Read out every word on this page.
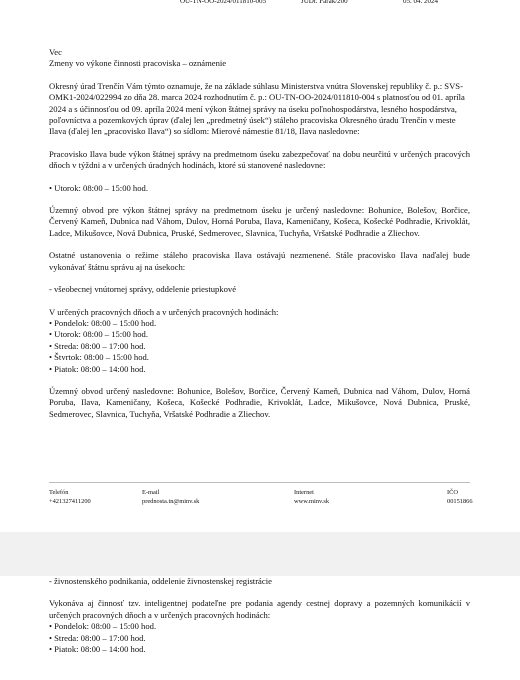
OU-TN-OO-2024/011810-005	JUDr. Parák/200	05. 04. 2024

Vec

Zmeny vo výkone činnosti pracoviska – oznámenie

Okresný úrad Trenčín Vám týmto oznamuje, že na základe súhlasu Ministerstva vnútra Slovenskej republiky č. p.: SVS-OMK1-2024/022994 zo dňa 28. marca 2024 rozhodnutím č. p.: OU-TN-OO-2024/011810-004 s platnosťou od 01. apríla 2024 a s účinnosťou od 09. apríla 2024 mení výkon štátnej správy na úseku poľnohospodárstva, lesného hospodárstva, poľovníctva a pozemkových úprav (ďalej len „predmetný úsek“) stáleho pracoviska Okresného úradu Trenčín v meste Ilava (ďalej len „pracovisko Ilava“) so sídlom: Mierové námestie 81/18, Ilava nasledovne:

Pracovisko Ilava bude výkon štátnej správy na predmetnom úseku zabezpečovať na dobu neurčitú v určených pracových dňoch v týždni a v určených úradných hodinách, ktoré sú stanovené nasledovne:

• Utorok: 08:00 – 15:00 hod.

Územný obvod pre výkon štátnej správy na predmetnom úseku je určený nasledovne: Bohunice, Bolešov, Borčice, Červený Kameň, Dubnica nad Váhom, Dulov, Horná Poruba, Ilava, Kameničany, Košeca, Košecké Podhradie, Krivoklát, Ladce, Mikušovce, Nová Dubnica, Pruské, Sedmerovec, Slavnica, Tuchyňa, Vršatské Podhradie a Zliechov.

Ostatné ustanovenia o režime stáleho pracoviska Ilava ostávajú nezmenené. Stále pracovisko Ilava naďalej bude vykonávať štátnu správu aj na úsekoch:

- všeobecnej vnútornej správy, oddelenie priestupkové

V určených pracovných dňoch a v určených pracovných hodinách:

• Pondelok: 08:00 – 15:00 hod.

• Utorok: 08:00 – 15:00 hod.

• Streda: 08:00 – 17:00 hod.

• Štvrtok: 08:00 – 15:00 hod.

• Piatok: 08:00 – 14:00 hod.

Územný obvod určený nasledovne: Bohunice, Bolešov, Borčice, Červený Kameň, Dubnica nad Váhom, Dulov, Horná Poruba, Ilava, Kameničany, Košeca, Košecké Podhradie, Krivoklát, Ladce, Mikušovce, Nová Dubnica, Pruské, Sedmerovec, Slavnica, Tuchyňa, Vršatské Podhradie a Zliechov.

Telefón
+421327411200
E-mail
prednosta.tn@minv.sk
Internet
www.minv.sk
IČO
00151866

- živnostenského podnikania, oddelenie živnostenskej registrácie

Vykonáva aj činnosť tzv. inteligentnej podateľne pre podania agendy cestnej dopravy a pozemných komunikácií v určených pracovných dňoch a v určených pracovných hodinách:

• Pondelok: 08:00 – 15:00 hod.

• Streda: 08:00 – 17:00 hod.

• Piatok: 08:00 – 14:00 hod.
